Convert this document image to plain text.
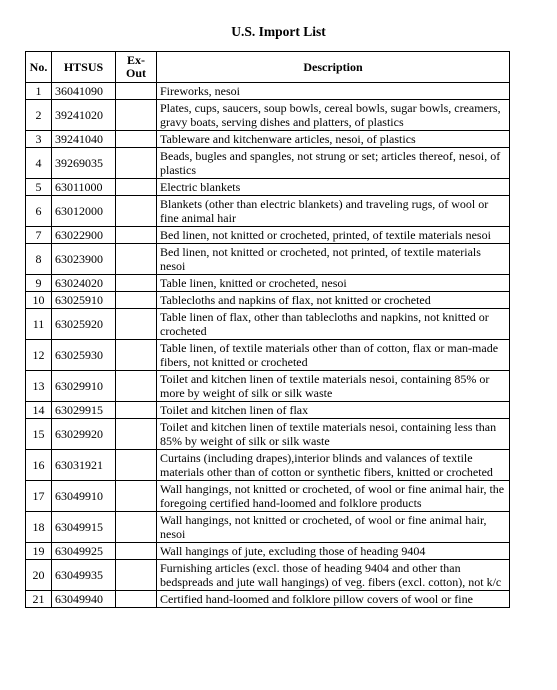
U.S. Import List
No.	HTSUS	Ex-Out	Description
1	36041090		Fireworks, nesoi
2	39241020		Plates, cups, saucers, soup bowls, cereal bowls, sugar bowls, creamers, gravy boats, serving dishes and platters, of plastics
3	39241040		Tableware and kitchenware articles, nesoi, of plastics
4	39269035		Beads, bugles and spangles, not strung or set; articles thereof, nesoi, of plastics
5	63011000		Electric blankets
6	63012000		Blankets (other than electric blankets) and traveling rugs, of wool or fine animal hair
7	63022900		Bed linen, not knitted or crocheted, printed, of textile materials nesoi
8	63023900		Bed linen, not knitted or crocheted, not printed, of textile materials nesoi
9	63024020		Table linen, knitted or crocheted, nesoi
10	63025910		Tablecloths and napkins of flax, not knitted or crocheted
11	63025920		Table linen of flax, other than tablecloths and napkins, not knitted or crocheted
12	63025930		Table linen, of textile materials other than of cotton, flax or man-made fibers, not knitted or crocheted
13	63029910		Toilet and kitchen linen of textile materials nesoi, containing 85% or more by weight of silk or silk waste
14	63029915		Toilet and kitchen linen of flax
15	63029920		Toilet and kitchen linen of textile materials nesoi, containing less than 85% by weight of silk or silk waste
16	63031921		Curtains (including drapes),interior blinds and valances of textile materials other than of cotton or synthetic fibers, knitted or crocheted
17	63049910		Wall hangings, not knitted or crocheted, of wool or fine animal hair, the foregoing certified hand-loomed and folklore products
18	63049915		Wall hangings, not knitted or crocheted, of wool or fine animal hair, nesoi
19	63049925		Wall hangings of jute, excluding those of heading 9404
20	63049935		Furnishing articles (excl. those of heading 9404 and other than bedspreads and jute wall hangings) of veg. fibers (excl. cotton), not k/c
21	63049940		Certified hand-loomed and folklore pillow covers of wool or fine
